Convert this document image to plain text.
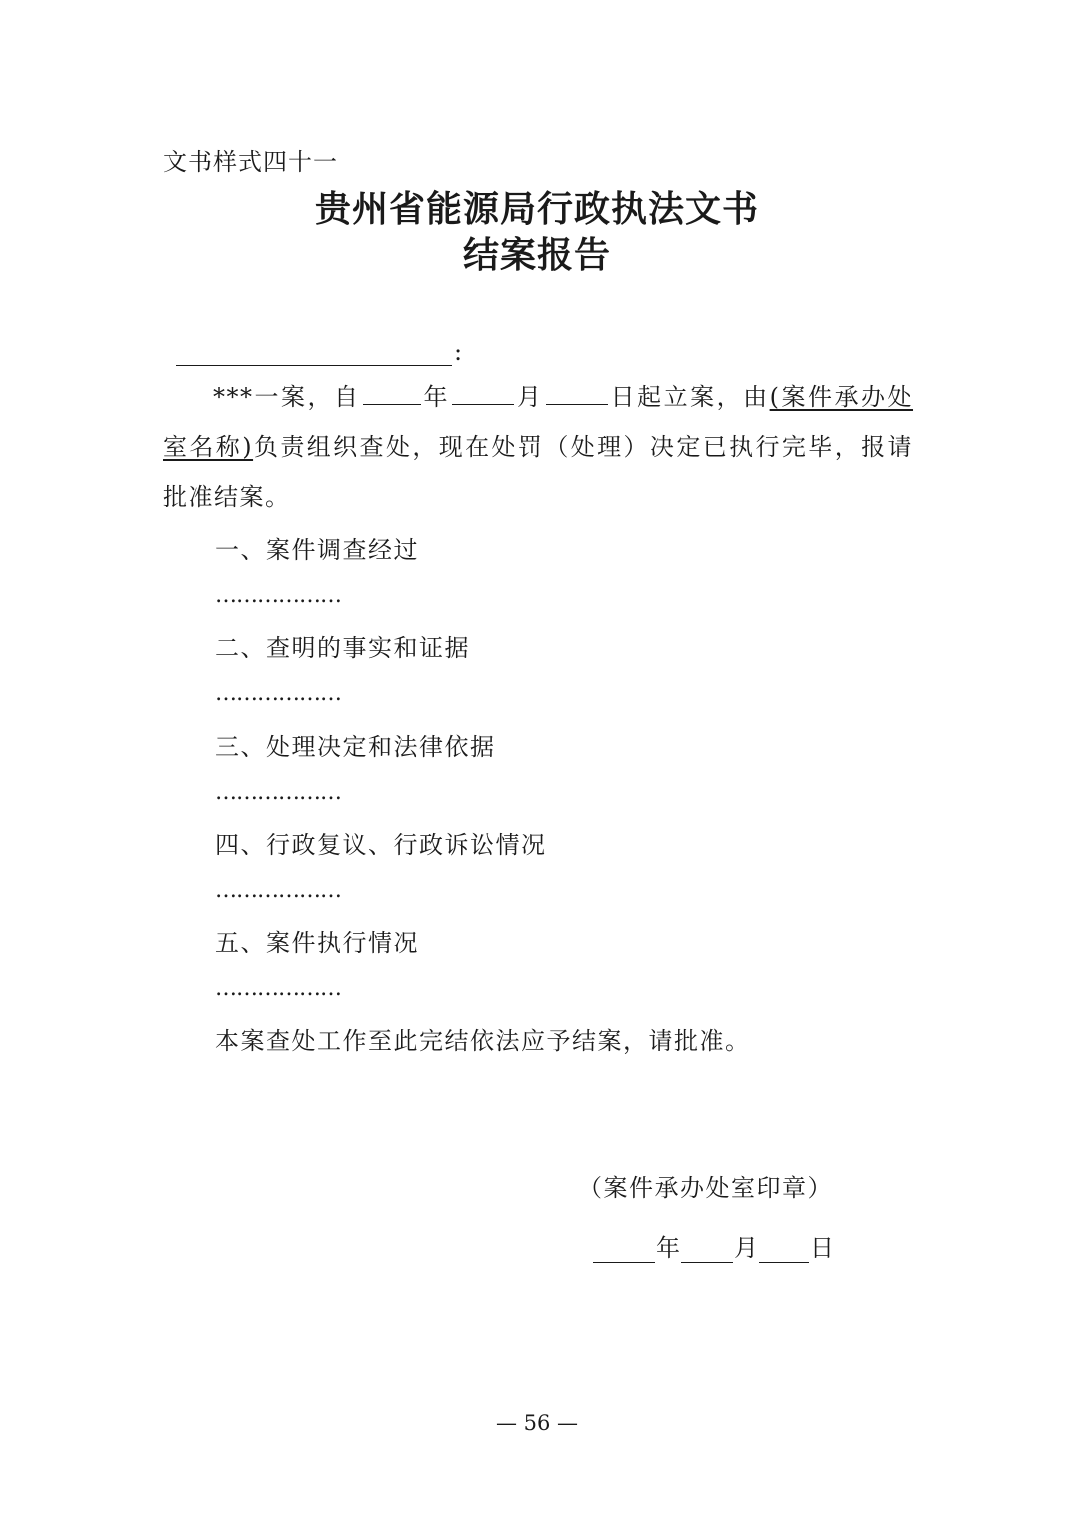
文书样式四十一
贵州省能源局行政执法文书
结案报告
:
***一案，自	年	月	日起立案，由(案件承办处室名称)负责组织查处，现在处罚（处理）决定已执行完毕，报请批准结案。
一、案件调查经过
………………
二、查明的事实和证据
………………
三、处理决定和法律依据
………………
四、行政复议、行政诉讼情况
………………
五、案件执行情况
………………
本案查处工作至此完结依法应予结案，请批准。
（案件承办处室印章）
年 月 日
— 56 —
